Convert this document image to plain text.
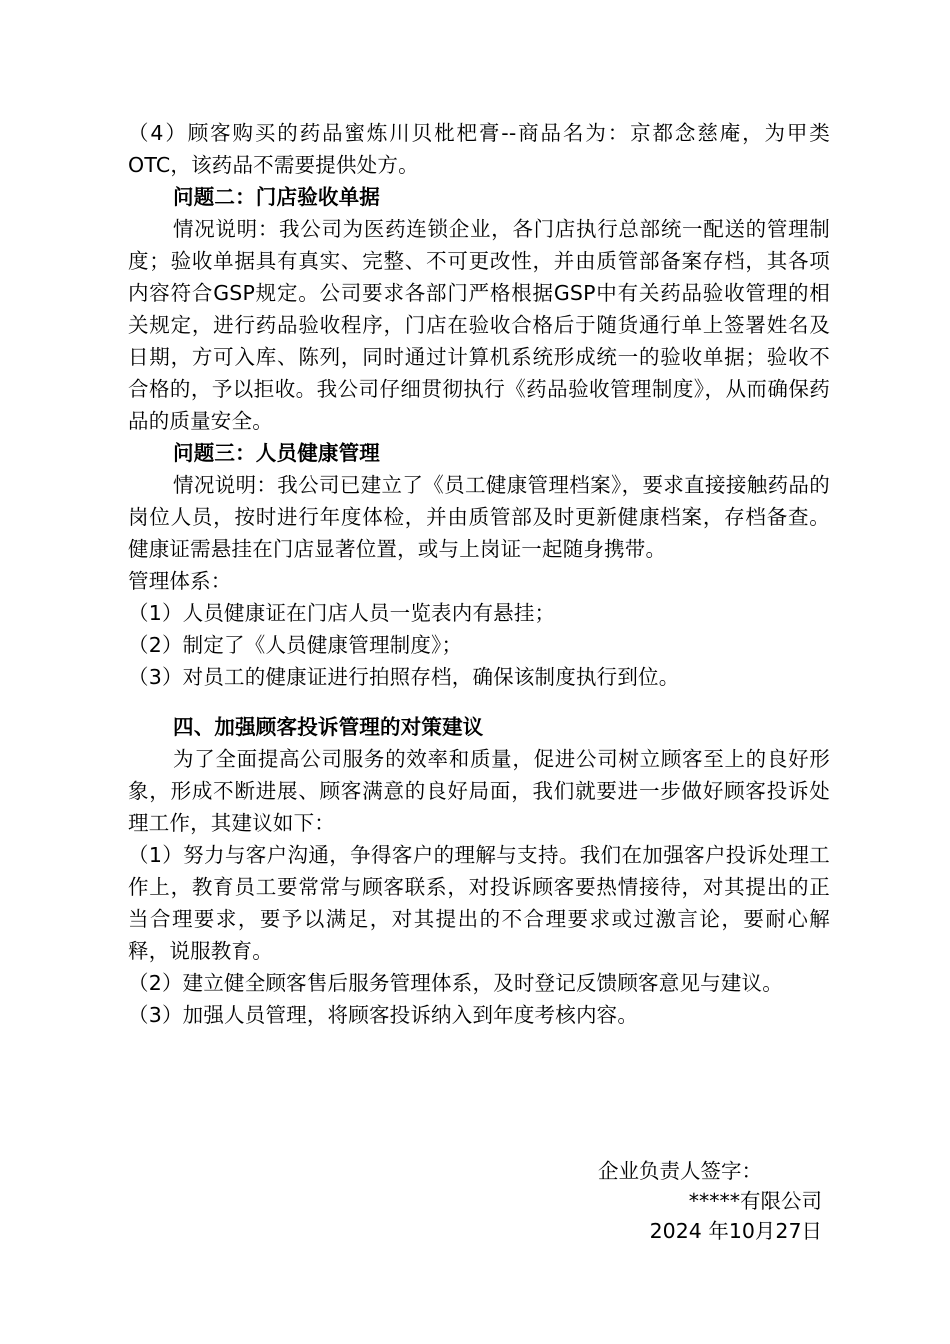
（4）顾客购买的药品蜜炼川贝枇杷膏--商品名为：京都念慈庵，为甲类OTC，该药品不需要提供处方。

问题二：门店验收单据

情况说明：我公司为医药连锁企业，各门店执行总部统一配送的管理制度；验收单据具有真实、完整、不可更改性，并由质管部备案存档，其各项内容符合GSP规定。公司要求各部门严格根据GSP中有关药品验收管理的相关规定，进行药品验收程序，门店在验收合格后于随货通行单上签署姓名及日期，方可入库、陈列，同时通过计算机系统形成统一的验收单据；验收不合格的，予以拒收。我公司仔细贯彻执行《药品验收管理制度》，从而确保药品的质量安全。

问题三：人员健康管理

情况说明：我公司已建立了《员工健康管理档案》，要求直接接触药品的岗位人员，按时进行年度体检，并由质管部及时更新健康档案，存档备查。健康证需悬挂在门店显著位置，或与上岗证一起随身携带。

管理体系：

（1）人员健康证在门店人员一览表内有悬挂；

（2）制定了《人员健康管理制度》；

（3）对员工的健康证进行拍照存档，确保该制度执行到位。

四、加强顾客投诉管理的对策建议

为了全面提高公司服务的效率和质量，促进公司树立顾客至上的良好形象，形成不断进展、顾客满意的良好局面，我们就要进一步做好顾客投诉处理工作，其建议如下：

（1）努力与客户沟通，争得客户的理解与支持。我们在加强客户投诉处理工作上，教育员工要常常与顾客联系，对投诉顾客要热情接待，对其提出的正当合理要求，要予以满足，对其提出的不合理要求或过激言论，要耐心解释，说服教育。

（2）建立健全顾客售后服务管理体系，及时登记反馈顾客意见与建议。

（3）加强人员管理，将顾客投诉纳入到年度考核内容。

企业负责人签字：
*****有限公司
2024 年10月27日
